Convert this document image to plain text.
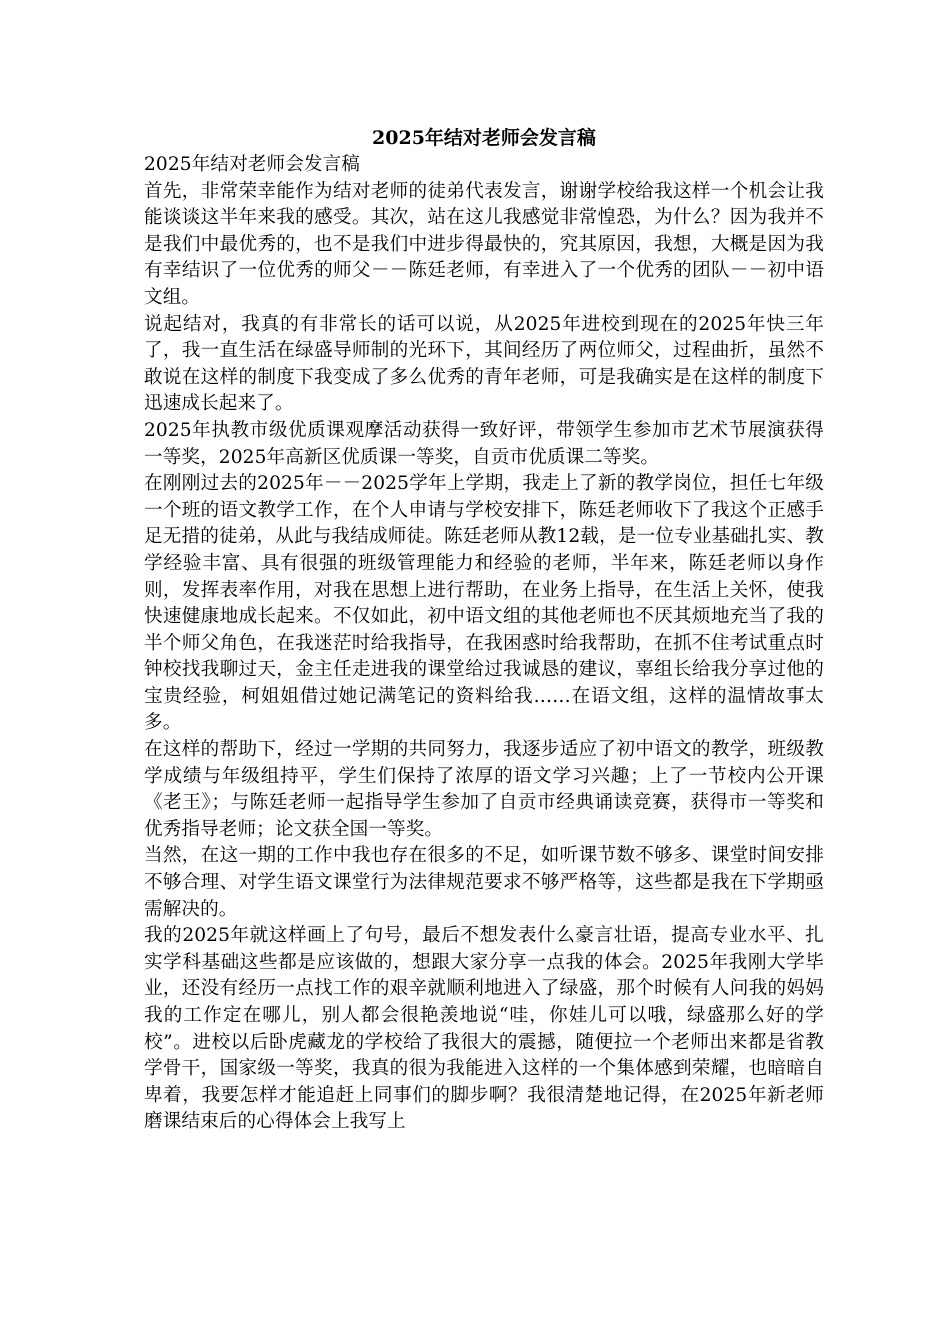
2025年结对老师会发言稿

2025年结对老师会发言稿

首先，非常荣幸能作为结对老师的徒弟代表发言，谢谢学校给我这样一个机会让我能谈谈这半年来我的感受。其次，站在这儿我感觉非常惶恐，为什么？因为我并不是我们中最优秀的，也不是我们中进步得最快的，究其原因，我想，大概是因为我有幸结识了一位优秀的师父－－陈廷老师，有幸进入了一个优秀的团队－－初中语文组。

说起结对，我真的有非常长的话可以说，从2025年进校到现在的2025年快三年了，我一直生活在绿盛导师制的光环下，其间经历了两位师父，过程曲折，虽然不敢说在这样的制度下我变成了多么优秀的青年老师，可是我确实是在这样的制度下迅速成长起来了。

2025年执教市级优质课观摩活动获得一致好评，带领学生参加市艺术节展演获得一等奖，2025年高新区优质课一等奖，自贡市优质课二等奖。

在刚刚过去的2025年－－2025学年上学期，我走上了新的教学岗位，担任七年级一个班的语文教学工作，在个人申请与学校安排下，陈廷老师收下了我这个正感手足无措的徒弟，从此与我结成师徒。陈廷老师从教12载，是一位专业基础扎实、教学经验丰富、具有很强的班级管理能力和经验的老师，半年来，陈廷老师以身作则，发挥表率作用，对我在思想上进行帮助，在业务上指导，在生活上关怀，使我快速健康地成长起来。不仅如此，初中语文组的其他老师也不厌其烦地充当了我的半个师父角色，在我迷茫时给我指导，在我困惑时给我帮助，在抓不住考试重点时钟校找我聊过天，金主任走进我的课堂给过我诚恳的建议，辜组长给我分享过他的宝贵经验，柯姐姐借过她记满笔记的资料给我……在语文组，这样的温情故事太多。

在这样的帮助下，经过一学期的共同努力，我逐步适应了初中语文的教学，班级教学成绩与年级组持平，学生们保持了浓厚的语文学习兴趣；上了一节校内公开课《老王》；与陈廷老师一起指导学生参加了自贡市经典诵读竞赛，获得市一等奖和优秀指导老师；论文获全国一等奖。

当然，在这一期的工作中我也存在很多的不足，如听课节数不够多、课堂时间安排不够合理、对学生语文课堂行为法律规范要求不够严格等，这些都是我在下学期亟需解决的。

我的2025年就这样画上了句号，最后不想发表什么豪言壮语，提高专业水平、扎实学科基础这些都是应该做的，想跟大家分享一点我的体会。2025年我刚大学毕业，还没有经历一点找工作的艰辛就顺利地进入了绿盛，那个时候有人问我的妈妈我的工作定在哪儿，别人都会很艳羡地说“哇，你娃儿可以哦，绿盛那么好的学校”。进校以后卧虎藏龙的学校给了我很大的震撼，随便拉一个老师出来都是省教学骨干，国家级一等奖，我真的很为我能进入这样的一个集体感到荣耀，也暗暗自卑着，我要怎样才能追赶上同事们的脚步啊？我很清楚地记得，在2025年新老师磨课结束后的心得体会上我写上
